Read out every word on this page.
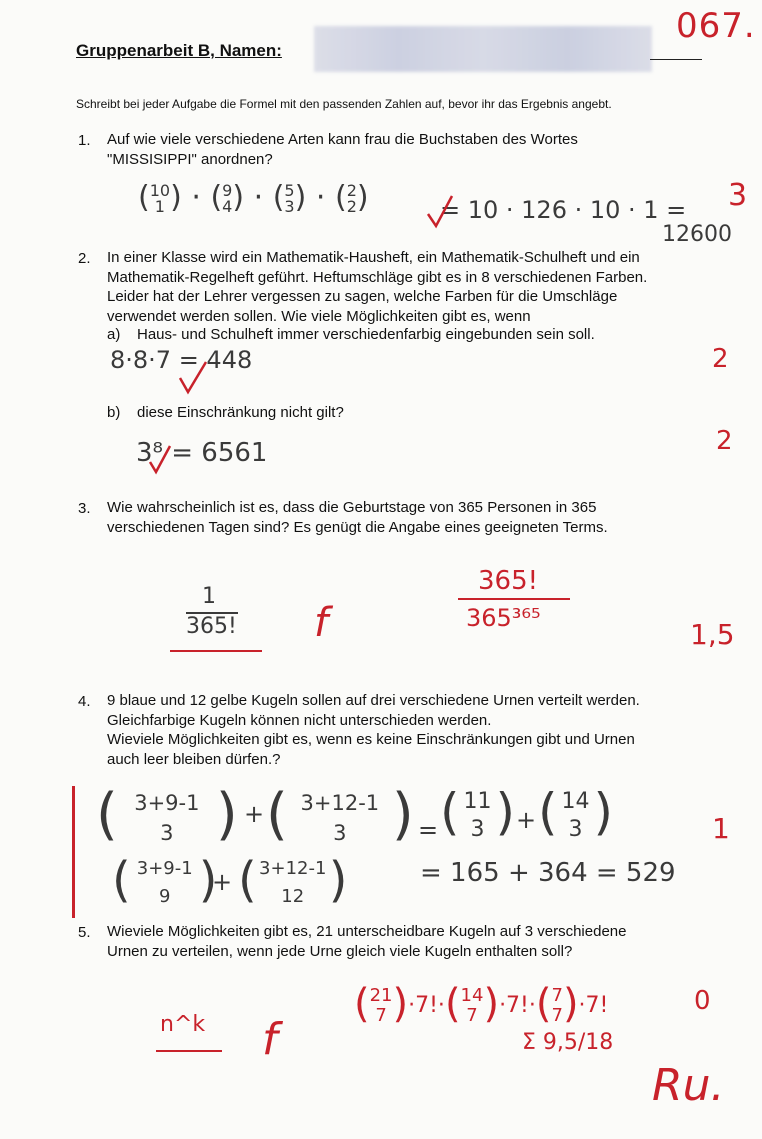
Gruppenarbeit B, Namen:
067.
Schreibt bei jeder Aufgabe die Formel mit den passenden Zahlen auf, bevor ihr das Ergebnis angebt.
1. Auf wie viele verschiedene Arten kann frau die Buchstaben des Wortes
"MISSISIPPI" anordnen?
(10
1 ) · (9
4) · (5
3) · (2
2)	= 10 · 126 · 10 · 1 =
12600
3
2. In einer Klasse wird ein Mathematik-Hausheft, ein Mathematik-Schulheft und ein
Mathematik-Regelheft geführt. Heftumschläge gibt es in 8 verschiedenen Farben.
Leider hat der Lehrer vergessen zu sagen, welche Farben für die Umschläge
verwendet werden sollen. Wie viele Möglichkeiten gibt es, wenn
a) Haus- und Schulheft immer verschiedenfarbig eingebunden sein soll.
8·8·7 = 448	2
b) diese Einschränkung nicht gilt?
3⁸ = 6561	2
3. Wie wahrscheinlich ist es, dass die Geburtstage von 365 Personen in 365
verschiedenen Tagen sind? Es genügt die Angabe eines geeigneten Terms.
1
365! f
365!
365³⁶⁵	1,5
4. 9 blaue und 12 gelbe Kugeln sollen auf drei verschiedene Urnen verteilt werden.
Gleichfarbige Kugeln können nicht unterschieden werden.
Wieviele Möglichkeiten gibt es, wenn es keine Einschränkungen gibt und Urnen
auch leer bleiben dürfen.?
( 3+9-1
3 ) + ( 3+12-1
3 ) = ( 11
3 ) + ( 14
3 )	1
( 3+9-1
9 )
+ ( 3+12-1
12 )	= 165 + 364 = 529
5. Wieviele Möglichkeiten gibt es, 21 unterscheidbare Kugeln auf 3 verschiedene
Urnen zu verteilen, wenn jede Urne gleich viele Kugeln enthalten soll?
n^k f
(21
7 )·7!·(14
7 )·7!·(7
7)·7!	0
Σ 9,5/18
Ru.
